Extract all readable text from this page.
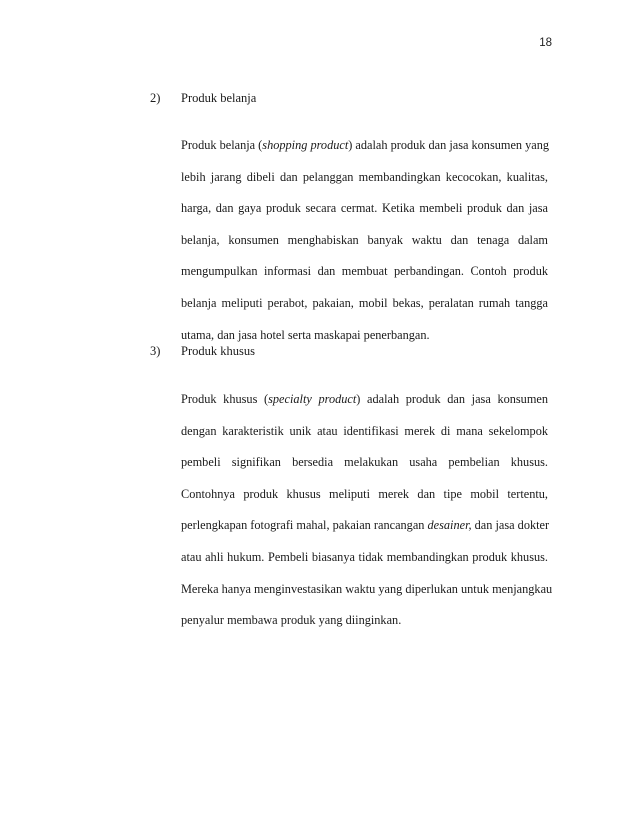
18
2)	Produk belanja
Produk belanja (shopping product) adalah produk dan jasa konsumen yang
lebih jarang dibeli dan pelanggan membandingkan kecocokan, kualitas,
harga, dan gaya produk secara cermat. Ketika membeli produk dan jasa
belanja, konsumen menghabiskan banyak waktu dan tenaga dalam
mengumpulkan informasi dan membuat perbandingan. Contoh produk
belanja meliputi perabot, pakaian, mobil bekas, peralatan rumah tangga
utama, dan jasa hotel serta maskapai penerbangan.
3)	Produk khusus
Produk khusus (specialty product) adalah produk dan jasa konsumen
dengan karakteristik unik atau identifikasi merek di mana sekelompok
pembeli signifikan bersedia melakukan usaha pembelian khusus.
Contohnya produk khusus meliputi merek dan tipe mobil tertentu,
perlengkapan fotografi mahal, pakaian rancangan desainer, dan jasa dokter
atau ahli hukum. Pembeli biasanya tidak membandingkan produk khusus.
Mereka hanya menginvestasikan waktu yang diperlukan untuk menjangkau
penyalur membawa produk yang diinginkan.
